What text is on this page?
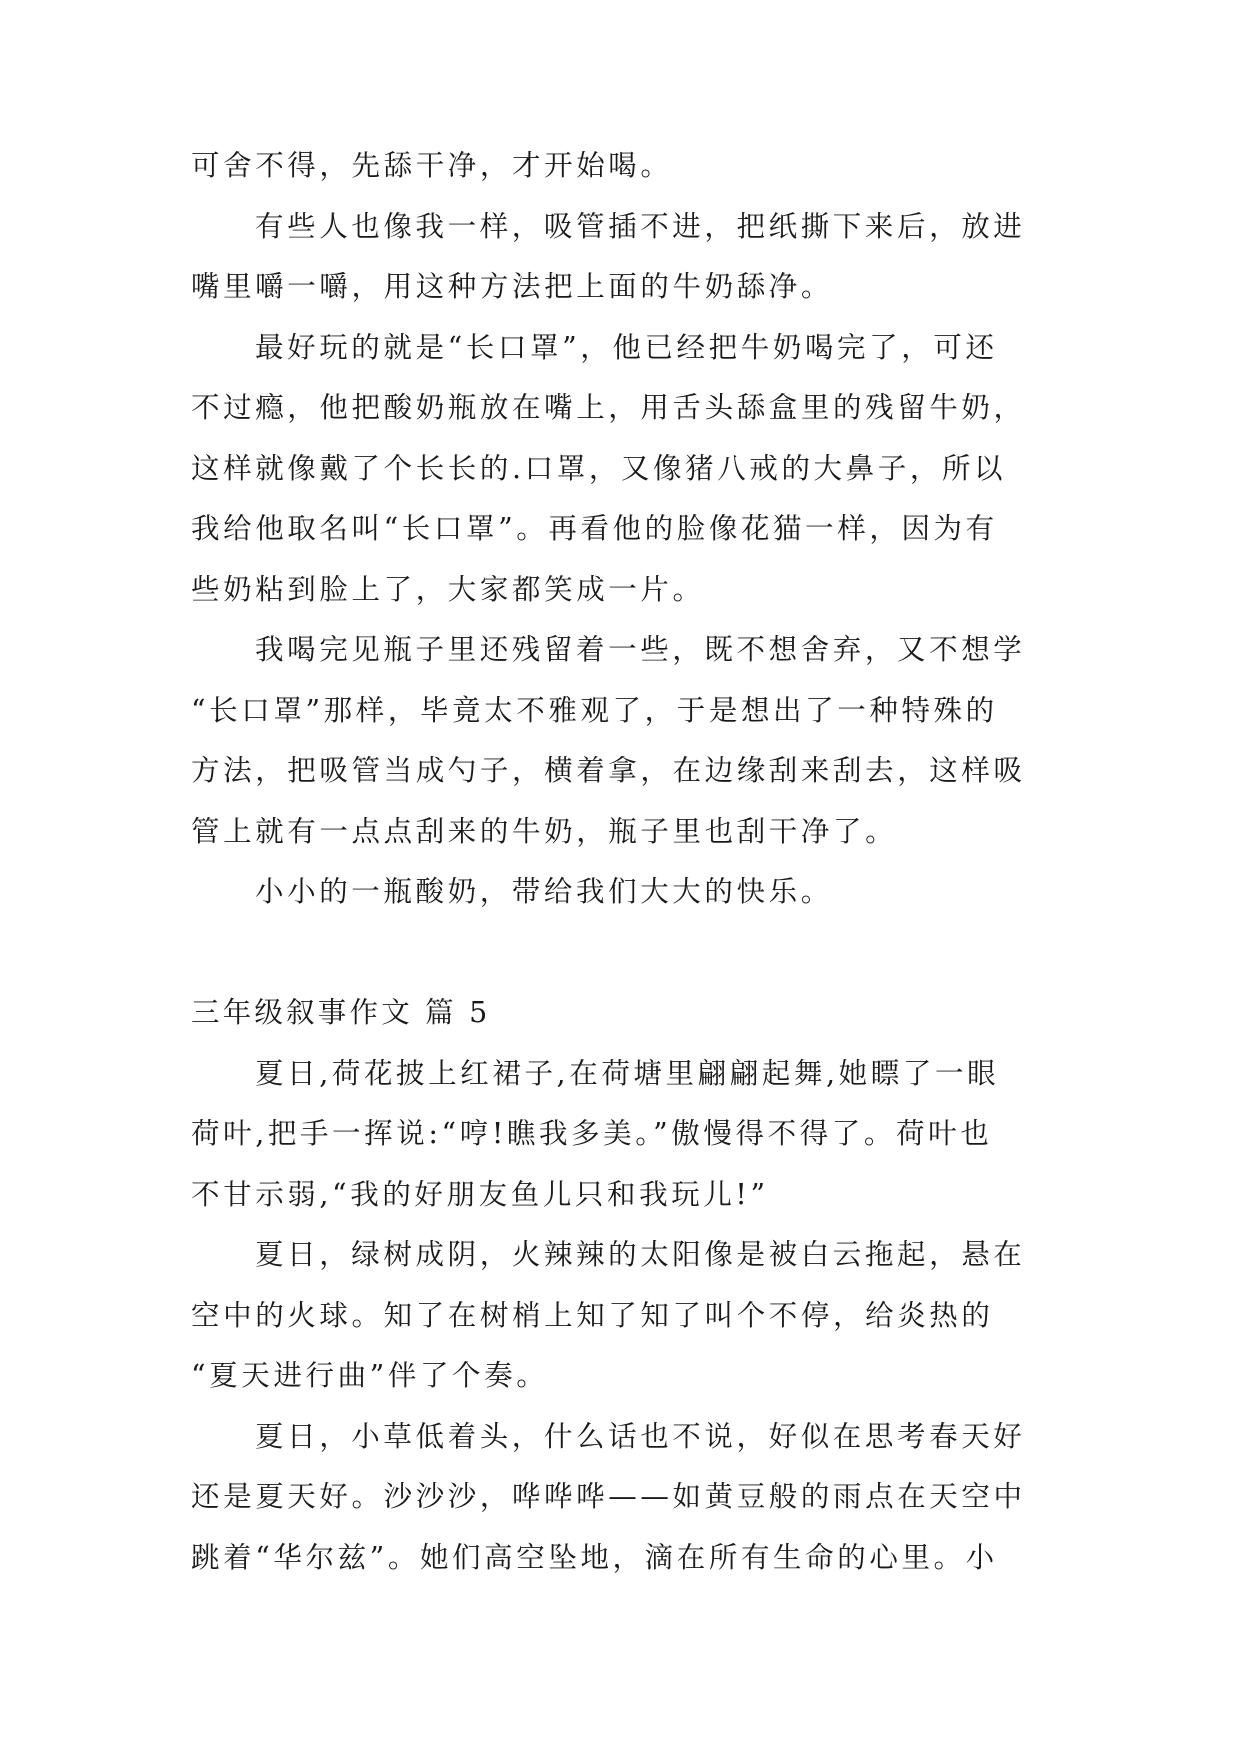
可舍不得，先舔干净，才开始喝。
有些人也像我一样，吸管插不进，把纸撕下来后，放进
嘴里嚼一嚼，用这种方法把上面的牛奶舔净。
最好玩的就是“长口罩”，他已经把牛奶喝完了，可还
不过瘾，他把酸奶瓶放在嘴上，用舌头舔盒里的残留牛奶，
这样就像戴了个长长的.口罩，又像猪八戒的大鼻子，所以
我给他取名叫“长口罩”。再看他的脸像花猫一样，因为有
些奶粘到脸上了，大家都笑成一片。
我喝完见瓶子里还残留着一些，既不想舍弃，又不想学
“长口罩”那样，毕竟太不雅观了，于是想出了一种特殊的
方法，把吸管当成勺子，横着拿，在边缘刮来刮去，这样吸
管上就有一点点刮来的牛奶，瓶子里也刮干净了。
小小的一瓶酸奶，带给我们大大的快乐。
三年级叙事作文 篇 5
夏日,荷花披上红裙子,在荷塘里翩翩起舞,她瞟了一眼
荷叶,把手一挥说:“哼!瞧我多美。”傲慢得不得了。荷叶也
不甘示弱,“我的好朋友鱼儿只和我玩儿!”
夏日，绿树成阴，火辣辣的太阳像是被白云拖起，悬在
空中的火球。知了在树梢上知了知了叫个不停，给炎热的
“夏天进行曲”伴了个奏。
夏日，小草低着头，什么话也不说，好似在思考春天好
还是夏天好。沙沙沙，哗哗哗——如黄豆般的雨点在天空中
跳着“华尔兹”。她们高空坠地，滴在所有生命的心里。小
